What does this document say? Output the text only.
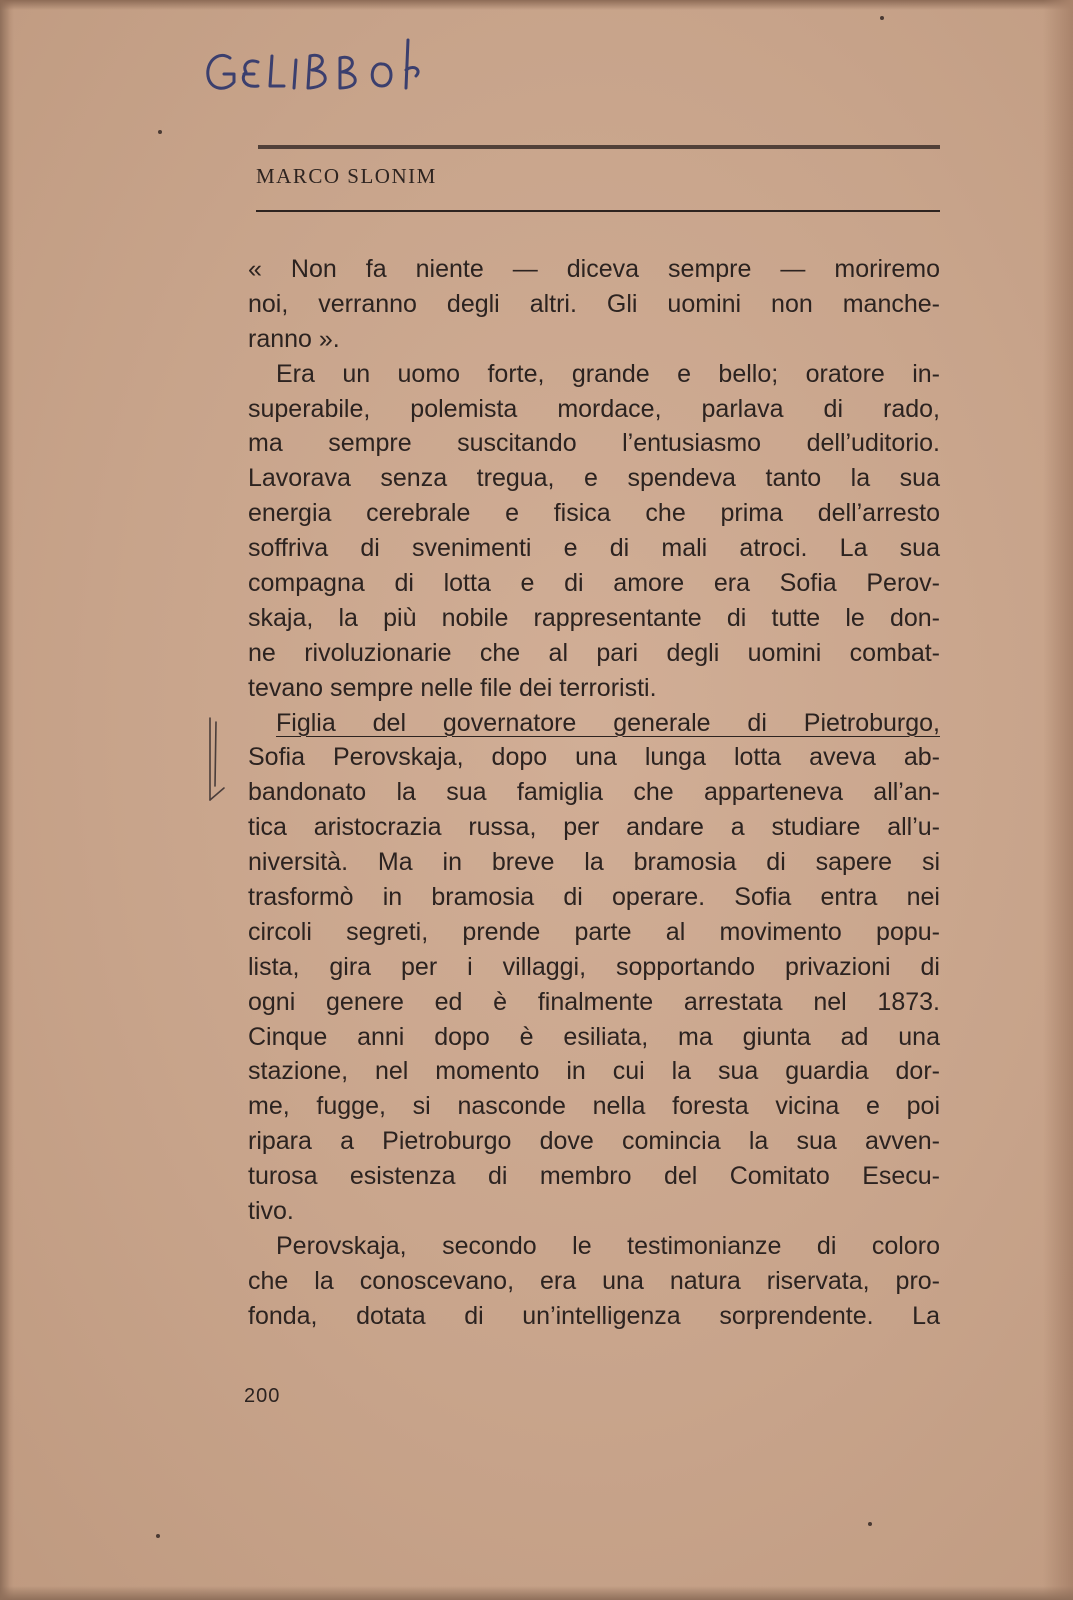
MARCO SLONIM

« Non fa niente — diceva sempre — moriremo
noi, verranno degli altri. Gli uomini non manche-
ranno ».
Era un uomo forte, grande e bello; oratore in-
superabile, polemista mordace, parlava di rado,
ma sempre suscitando l’entusiasmo dell’uditorio.
Lavorava senza tregua, e spendeva tanto la sua
energia cerebrale e fisica che prima dell’arresto
soffriva di svenimenti e di mali atroci. La sua
compagna di lotta e di amore era Sofia Perov-
skaja, la più nobile rappresentante di tutte le don-
ne rivoluzionarie che al pari degli uomini combat-
tevano sempre nelle file dei terroristi.
Figlia del governatore generale di Pietroburgo,
Sofia Perovskaja, dopo una lunga lotta aveva ab-
bandonato la sua famiglia che apparteneva all’an-
tica aristocrazia russa, per andare a studiare all’u-
niversità. Ma in breve la bramosia di sapere si
trasformò in bramosia di operare. Sofia entra nei
circoli segreti, prende parte al movimento popu-
lista, gira per i villaggi, sopportando privazioni di
ogni genere ed è finalmente arrestata nel 1873.
Cinque anni dopo è esiliata, ma giunta ad una
stazione, nel momento in cui la sua guardia dor-
me, fugge, si nasconde nella foresta vicina e poi
ripara a Pietroburgo dove comincia la sua avven-
turosa esistenza di membro del Comitato Esecu-
tivo.
Perovskaja, secondo le testimonianze di coloro
che la conoscevano, era una natura riservata, pro-
fonda, dotata di un’intelligenza sorprendente. La

200
